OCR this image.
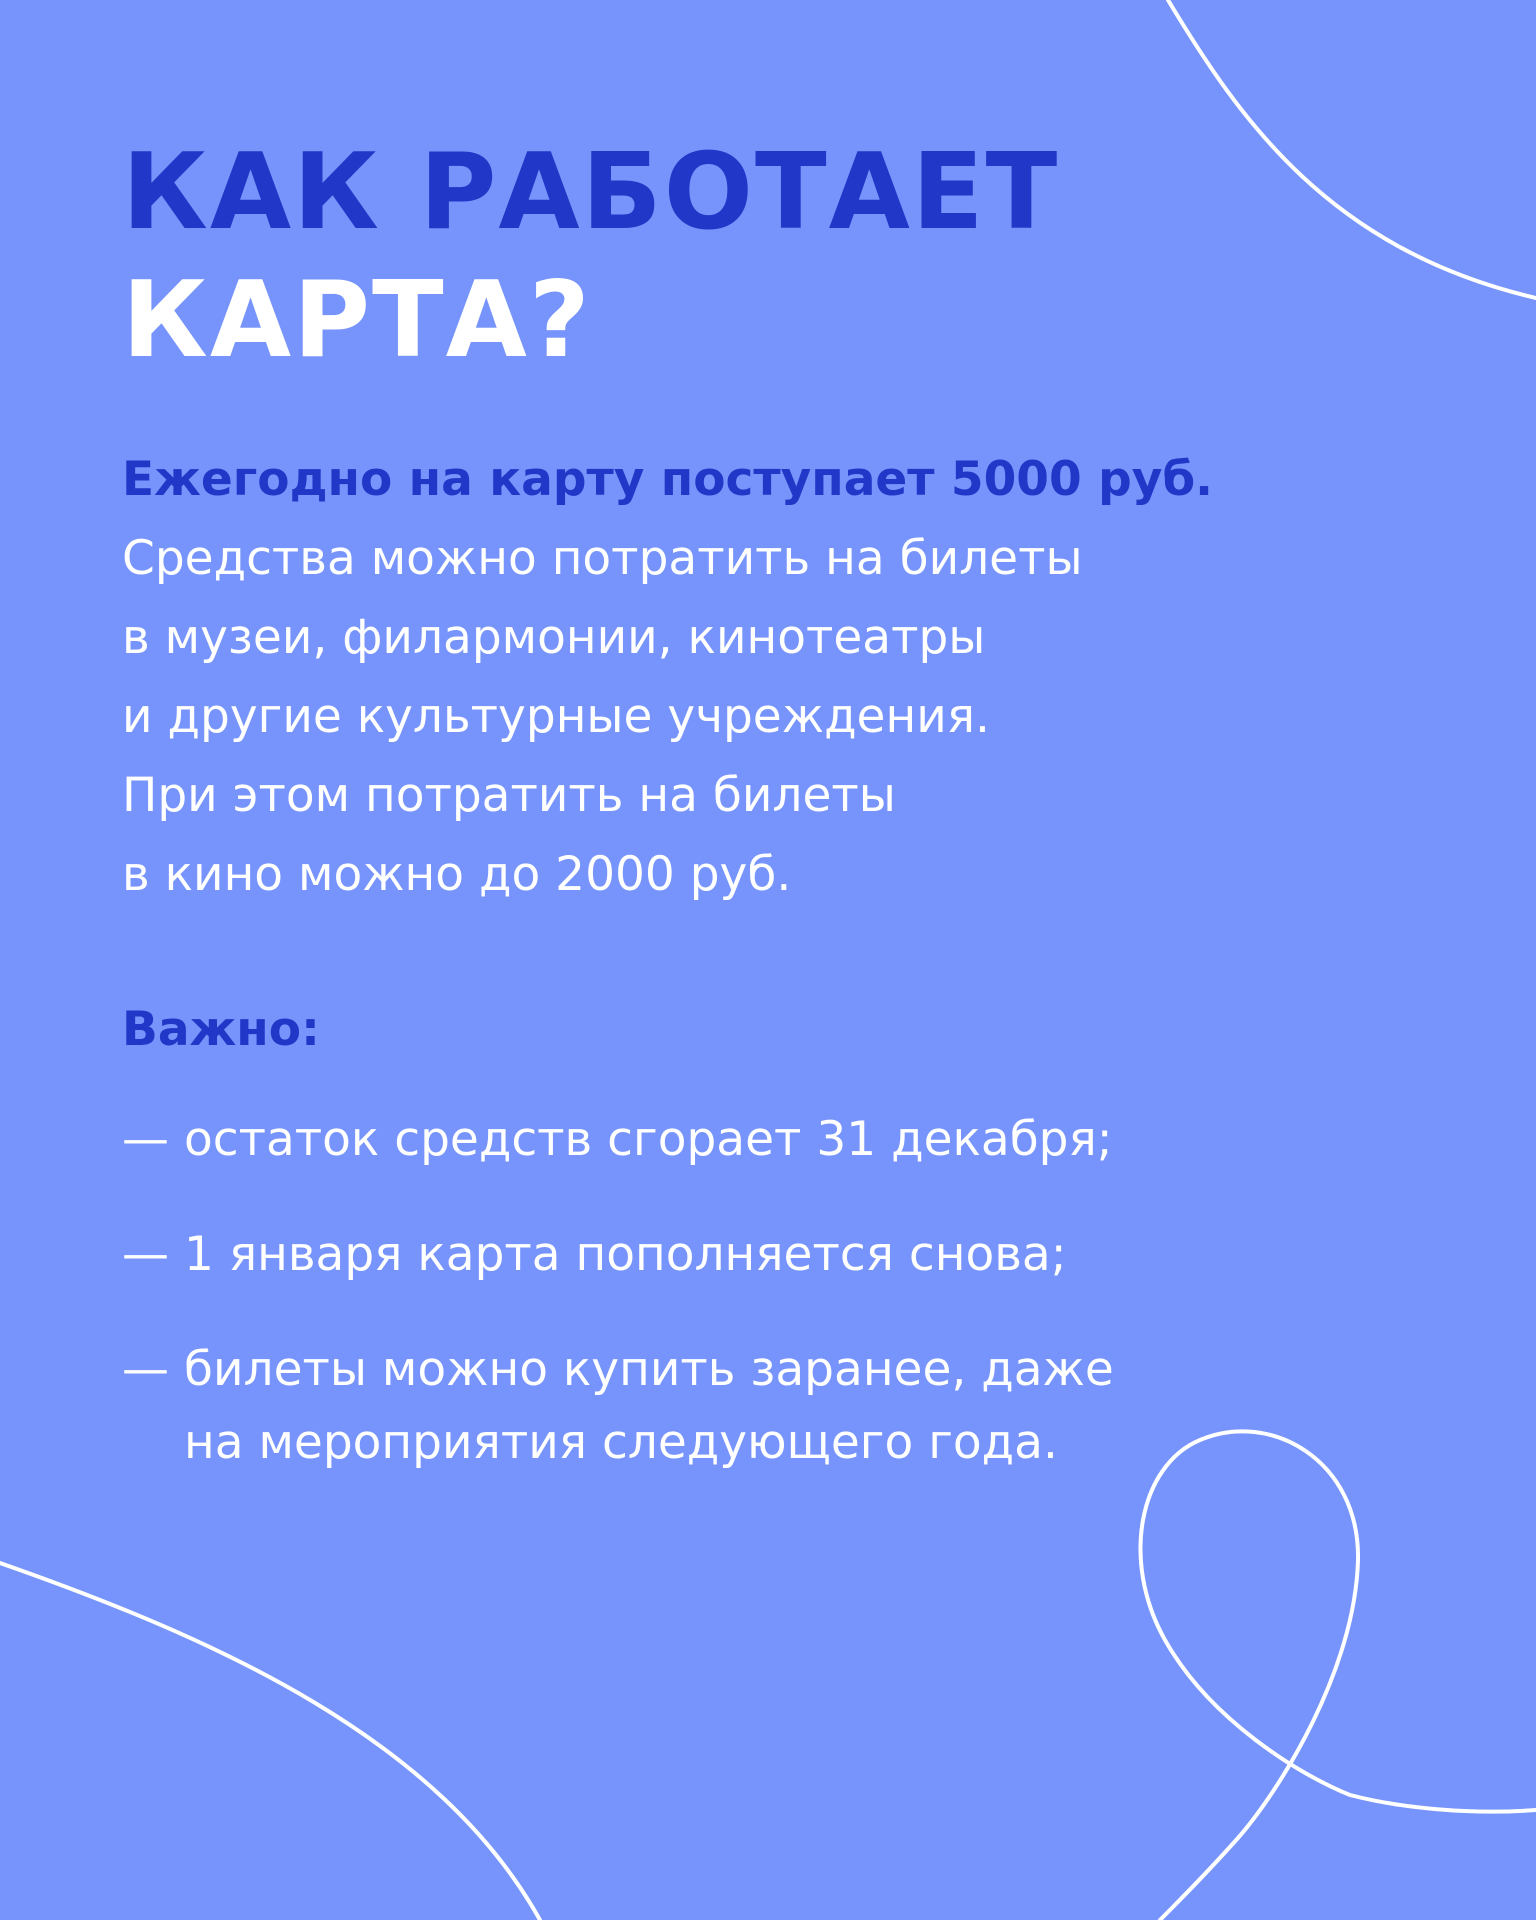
КАК РАБОТАЕТ
КАРТА?

Ежегодно на карту поступает 5000 руб.
Средства можно потратить на билеты
в музеи, филармонии, кинотеатры
и другие культурные учреждения.
При этом потратить на билеты
в кино можно до 2000 руб.

Важно:
— остаток средств сгорает 31 декабря;
— 1 января карта пополняется снова;
— билеты можно купить заранее, даже
на мероприятия следующего года.
